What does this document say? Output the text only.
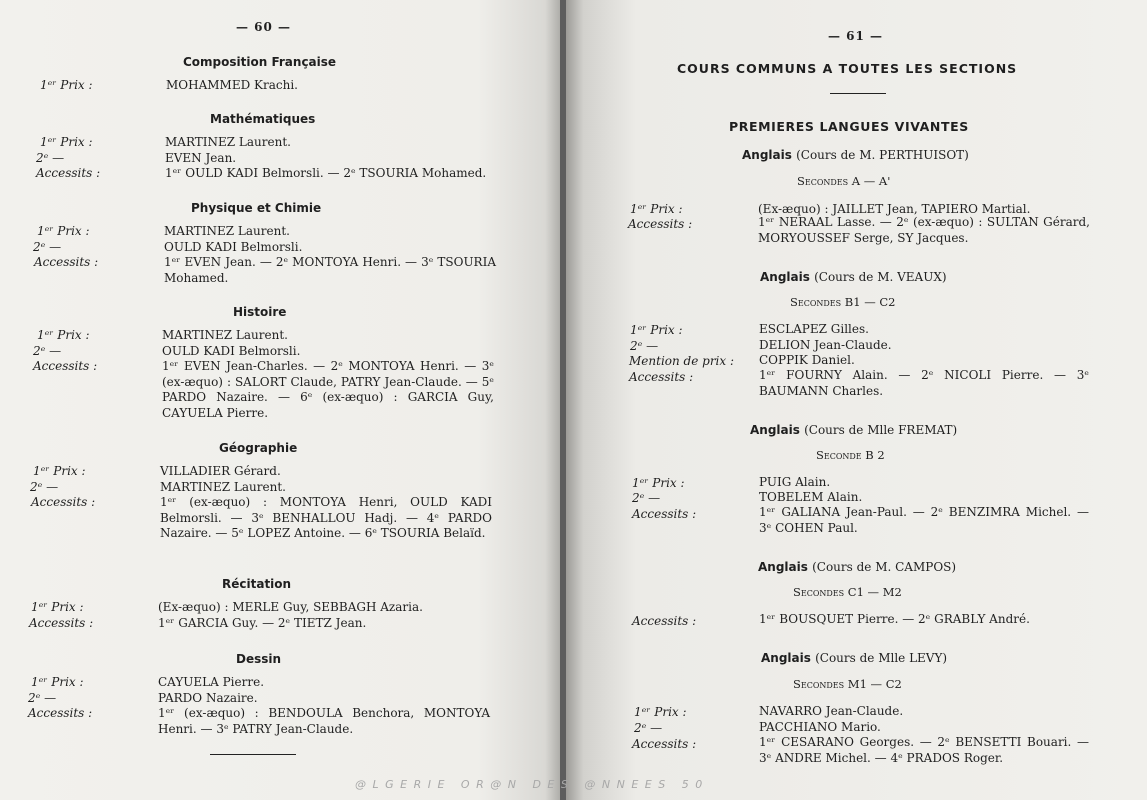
— 60 —
Composition Française
1ᵉʳ Prix :	MOHAMMED Krachi.
Mathématiques
1ᵉʳ Prix :	MARTINEZ Laurent.
2ᵉ —	EVEN Jean.
Accessits :	1ᵉʳ OULD KADI Belmorsli. — 2ᵉ TSOURIA Mohamed.
Physique et Chimie
1ᵉʳ Prix :	MARTINEZ Laurent.
2ᵉ —	OULD KADI Belmorsli.
Accessits :	1ᵉʳ EVEN Jean. — 2ᵉ MONTOYA Henri. — 3ᵉ TSOURIA Mohamed.
Histoire
1ᵉʳ Prix :	MARTINEZ Laurent.
2ᵉ —	OULD KADI Belmorsli.
Accessits :	1ᵉʳ EVEN Jean-Charles. — 2ᵉ MONTOYA Henri. — 3ᵉ (ex-æquo) : SALORT Claude, PATRY Jean-Claude. — 5ᵉ PARDO Nazaire. — 6ᵉ (ex-æquo) : GARCIA Guy, CAYUELA Pierre.
Géographie
1ᵉʳ Prix :	VILLADIER Gérard.
2ᵉ —	MARTINEZ Laurent.
Accessits :	1ᵉʳ (ex-æquo) : MONTOYA Henri, OULD KADI Belmorsli. — 3ᵉ BENHALLOU Hadj. — 4ᵉ PARDO Nazaire. — 5ᵉ LOPEZ Antoine. — 6ᵉ TSOURIA Belaïd.
Récitation
1ᵉʳ Prix :	(Ex-æquo) : MERLE Guy, SEBBAGH Azaria.
Accessits :	1ᵉʳ GARCIA Guy. — 2ᵉ TIETZ Jean.
Dessin
1ᵉʳ Prix :	CAYUELA Pierre.
2ᵉ —	PARDO Nazaire.
Accessits :	1ᵉʳ (ex-æquo) : BENDOULA Benchora, MONTOYA Henri. — 3ᵉ PATRY Jean-Claude.
— 61 —
COURS COMMUNS A TOUTES LES SECTIONS
PREMIERES LANGUES VIVANTES
Anglais (Cours de M. PERTHUISOT)
Secondes A — A'
1ᵉʳ Prix :	(Ex-æquo) : JAILLET Jean, TAPIERO Martial.
Accessits :	1ᵉʳ NERAAL Lasse. — 2ᵉ (ex-æquo) : SULTAN Gérard, MORYOUSSEF Serge, SY Jacques.
Anglais (Cours de M. VEAUX)
Secondes B1 — C2
1ᵉʳ Prix :	ESCLAPEZ Gilles.
2ᵉ —	DELION Jean-Claude.
Mention de prix : COPPIK Daniel.
Accessits :	1ᵉʳ FOURNY Alain. — 2ᵉ NICOLI Pierre. — 3ᵉ BAUMANN Charles.
Anglais (Cours de Mlle FREMAT)
Seconde B 2
1ᵉʳ Prix :	PUIG Alain.
2ᵉ —	TOBELEM Alain.
Accessits :	1ᵉʳ GALIANA Jean-Paul. — 2ᵉ BENZIMRA Michel. — 3ᵉ COHEN Paul.
Anglais (Cours de M. CAMPOS)
Secondes C1 — M2
Accessits :	1ᵉʳ BOUSQUET Pierre. — 2ᵉ GRABLY André.
Anglais (Cours de Mlle LEVY)
Secondes M1 — C2
1ᵉʳ Prix :	NAVARRO Jean-Claude.
2ᵉ —	PACCHIANO Mario.
Accessits :	1ᵉʳ CESARANO Georges. — 2ᵉ BENSETTI Bouari. — 3ᵉ ANDRE Michel. — 4ᵉ PRADOS Roger.
@LGERIE OR@N DES @NNEES 50
